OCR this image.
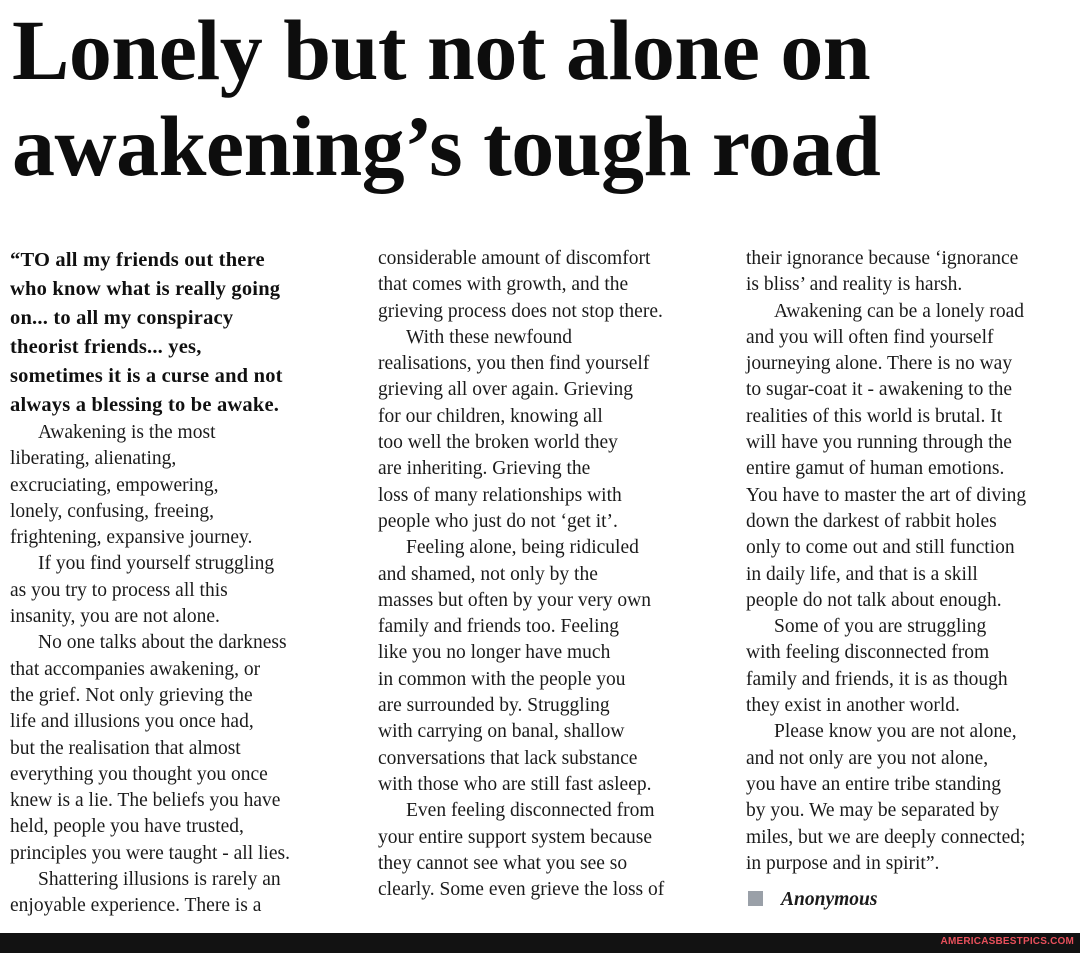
Lonely but not alone on
awakening’s tough road
“TO all my friends out there
who know what is really going
on... to all my conspiracy
theorist friends... yes,
sometimes it is a curse and not
always a blessing to be awake.
Awakening is the most
liberating, alienating,
excruciating, empowering,
lonely, confusing, freeing,
frightening, expansive journey.
If you find yourself struggling
as you try to process all this
insanity, you are not alone.
No one talks about the darkness
that accompanies awakening, or
the grief. Not only grieving the
life and illusions you once had,
but the realisation that almost
everything you thought you once
knew is a lie. The beliefs you have
held, people you have trusted,
principles you were taught - all lies.
Shattering illusions is rarely an
enjoyable experience. There is a
considerable amount of discomfort
that comes with growth, and the
grieving process does not stop there.
With these newfound
realisations, you then find yourself
grieving all over again. Grieving
for our children, knowing all
too well the broken world they
are inheriting. Grieving the
loss of many relationships with
people who just do not ‘get it’.
Feeling alone, being ridiculed
and shamed, not only by the
masses but often by your very own
family and friends too. Feeling
like you no longer have much
in common with the people you
are surrounded by. Struggling
with carrying on banal, shallow
conversations that lack substance
with those who are still fast asleep.
Even feeling disconnected from
your entire support system because
they cannot see what you see so
clearly. Some even grieve the loss of
their ignorance because ‘ignorance
is bliss’ and reality is harsh.
Awakening can be a lonely road
and you will often find yourself
journeying alone. There is no way
to sugar-coat it - awakening to the
realities of this world is brutal. It
will have you running through the
entire gamut of human emotions.
You have to master the art of diving
down the darkest of rabbit holes
only to come out and still function
in daily life, and that is a skill
people do not talk about enough.
Some of you are struggling
with feeling disconnected from
family and friends, it is as though
they exist in another world.
Please know you are not alone,
and not only are you not alone,
you have an entire tribe standing
by you. We may be separated by
miles, but we are deeply connected;
in purpose and in spirit”.
Anonymous
AMERICASBESTPICS.COM
